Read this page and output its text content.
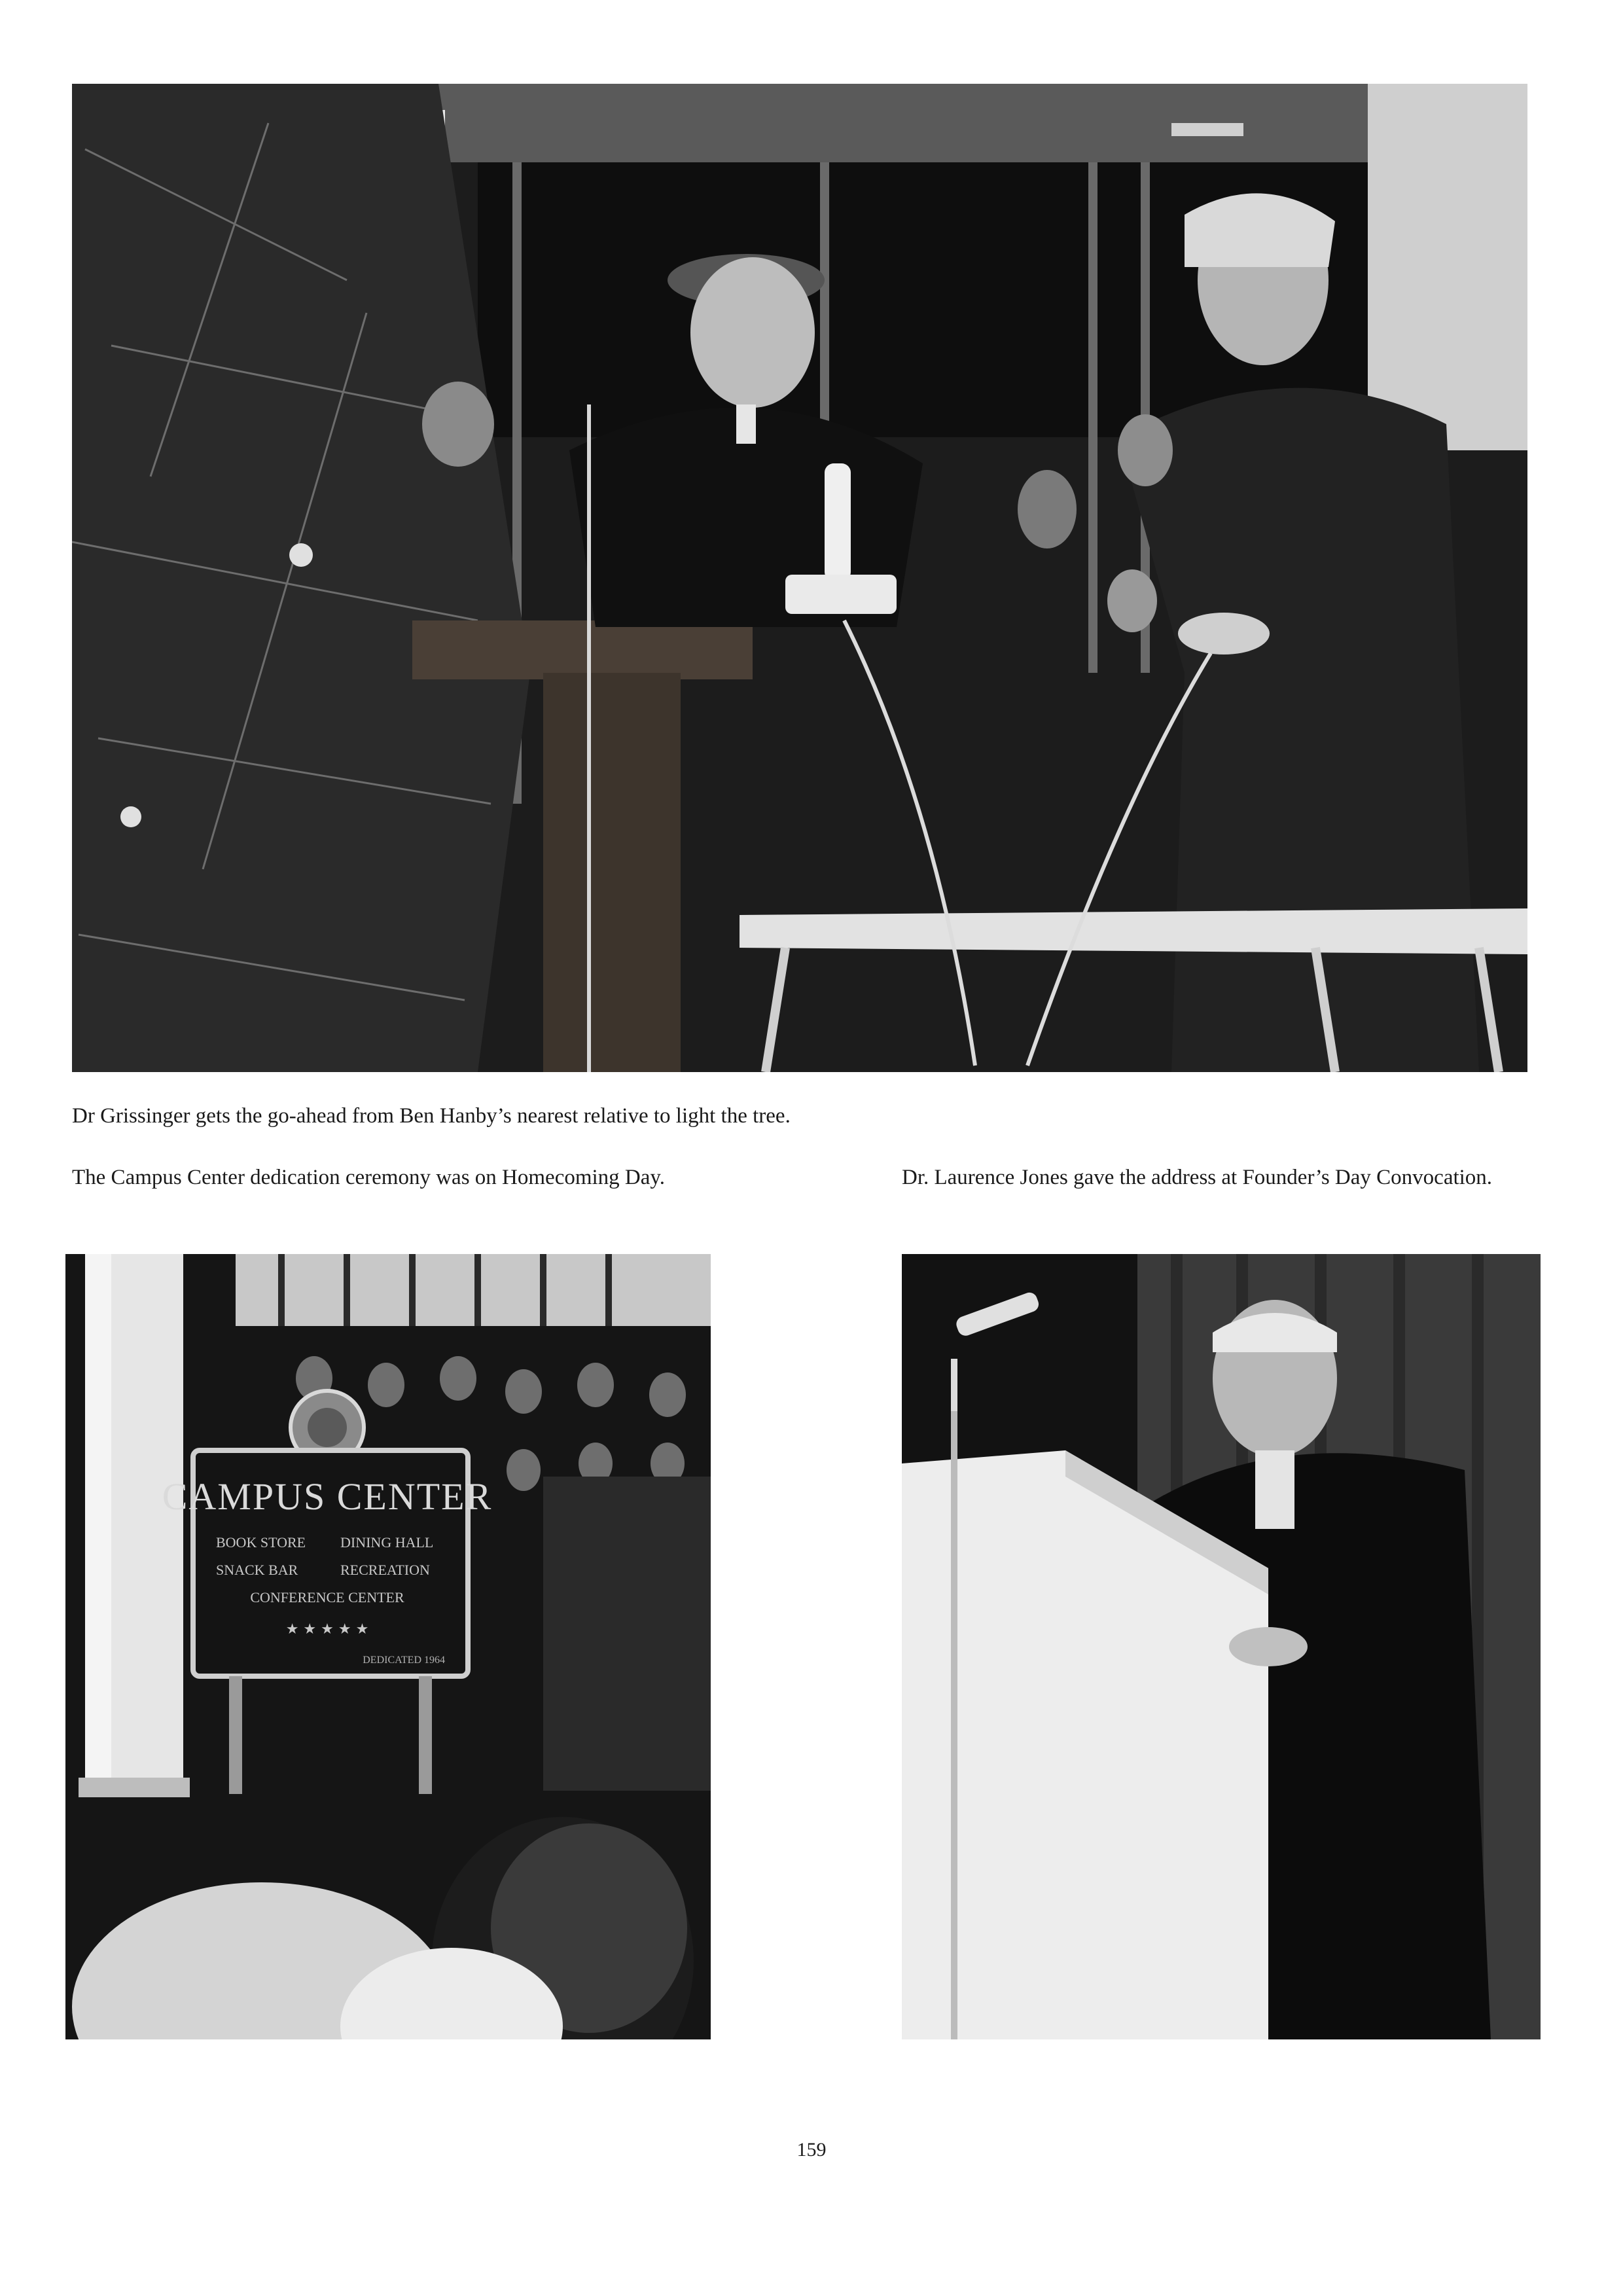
Dr Grissinger gets the go-ahead from Ben Hanby’s nearest relative to light the tree.

The Campus Center dedication ceremony was on Homecoming Day.	Dr. Laurence Jones gave the address at Founder’s Day Convocation.

CAMPUS CENTER
BOOK STORE DINING HALL
SNACK BAR	RECREATION
CONFERENCE CENTER
★ ★ ★ ★ ★
DEDICATED 1964
159
